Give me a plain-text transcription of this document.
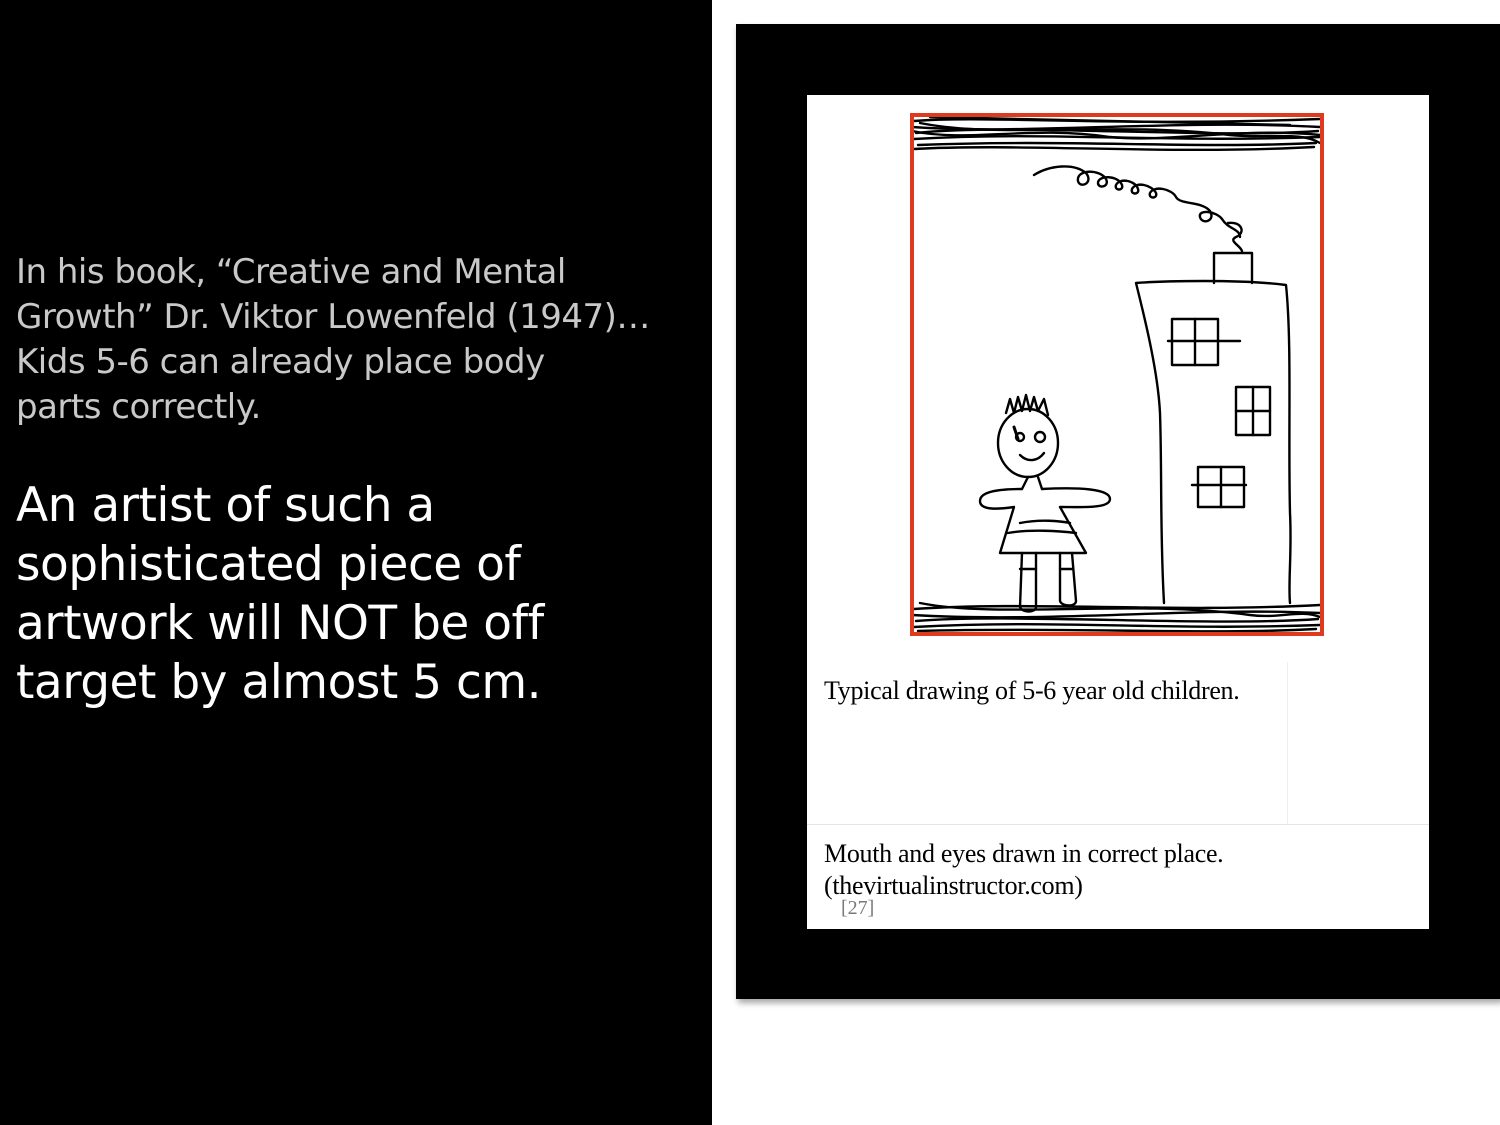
In his book, “Creative and Mental
Growth” Dr. Viktor Lowenfeld (1947)…
Kids 5-6 can already place body
parts correctly.
An artist of such a
sophisticated piece of
artwork will NOT be off
target by almost 5 cm.	Typical drawing of 5-6 year old children.
Mouth and eyes drawn in correct place.
(thevirtualinstructor.com)
[27]
